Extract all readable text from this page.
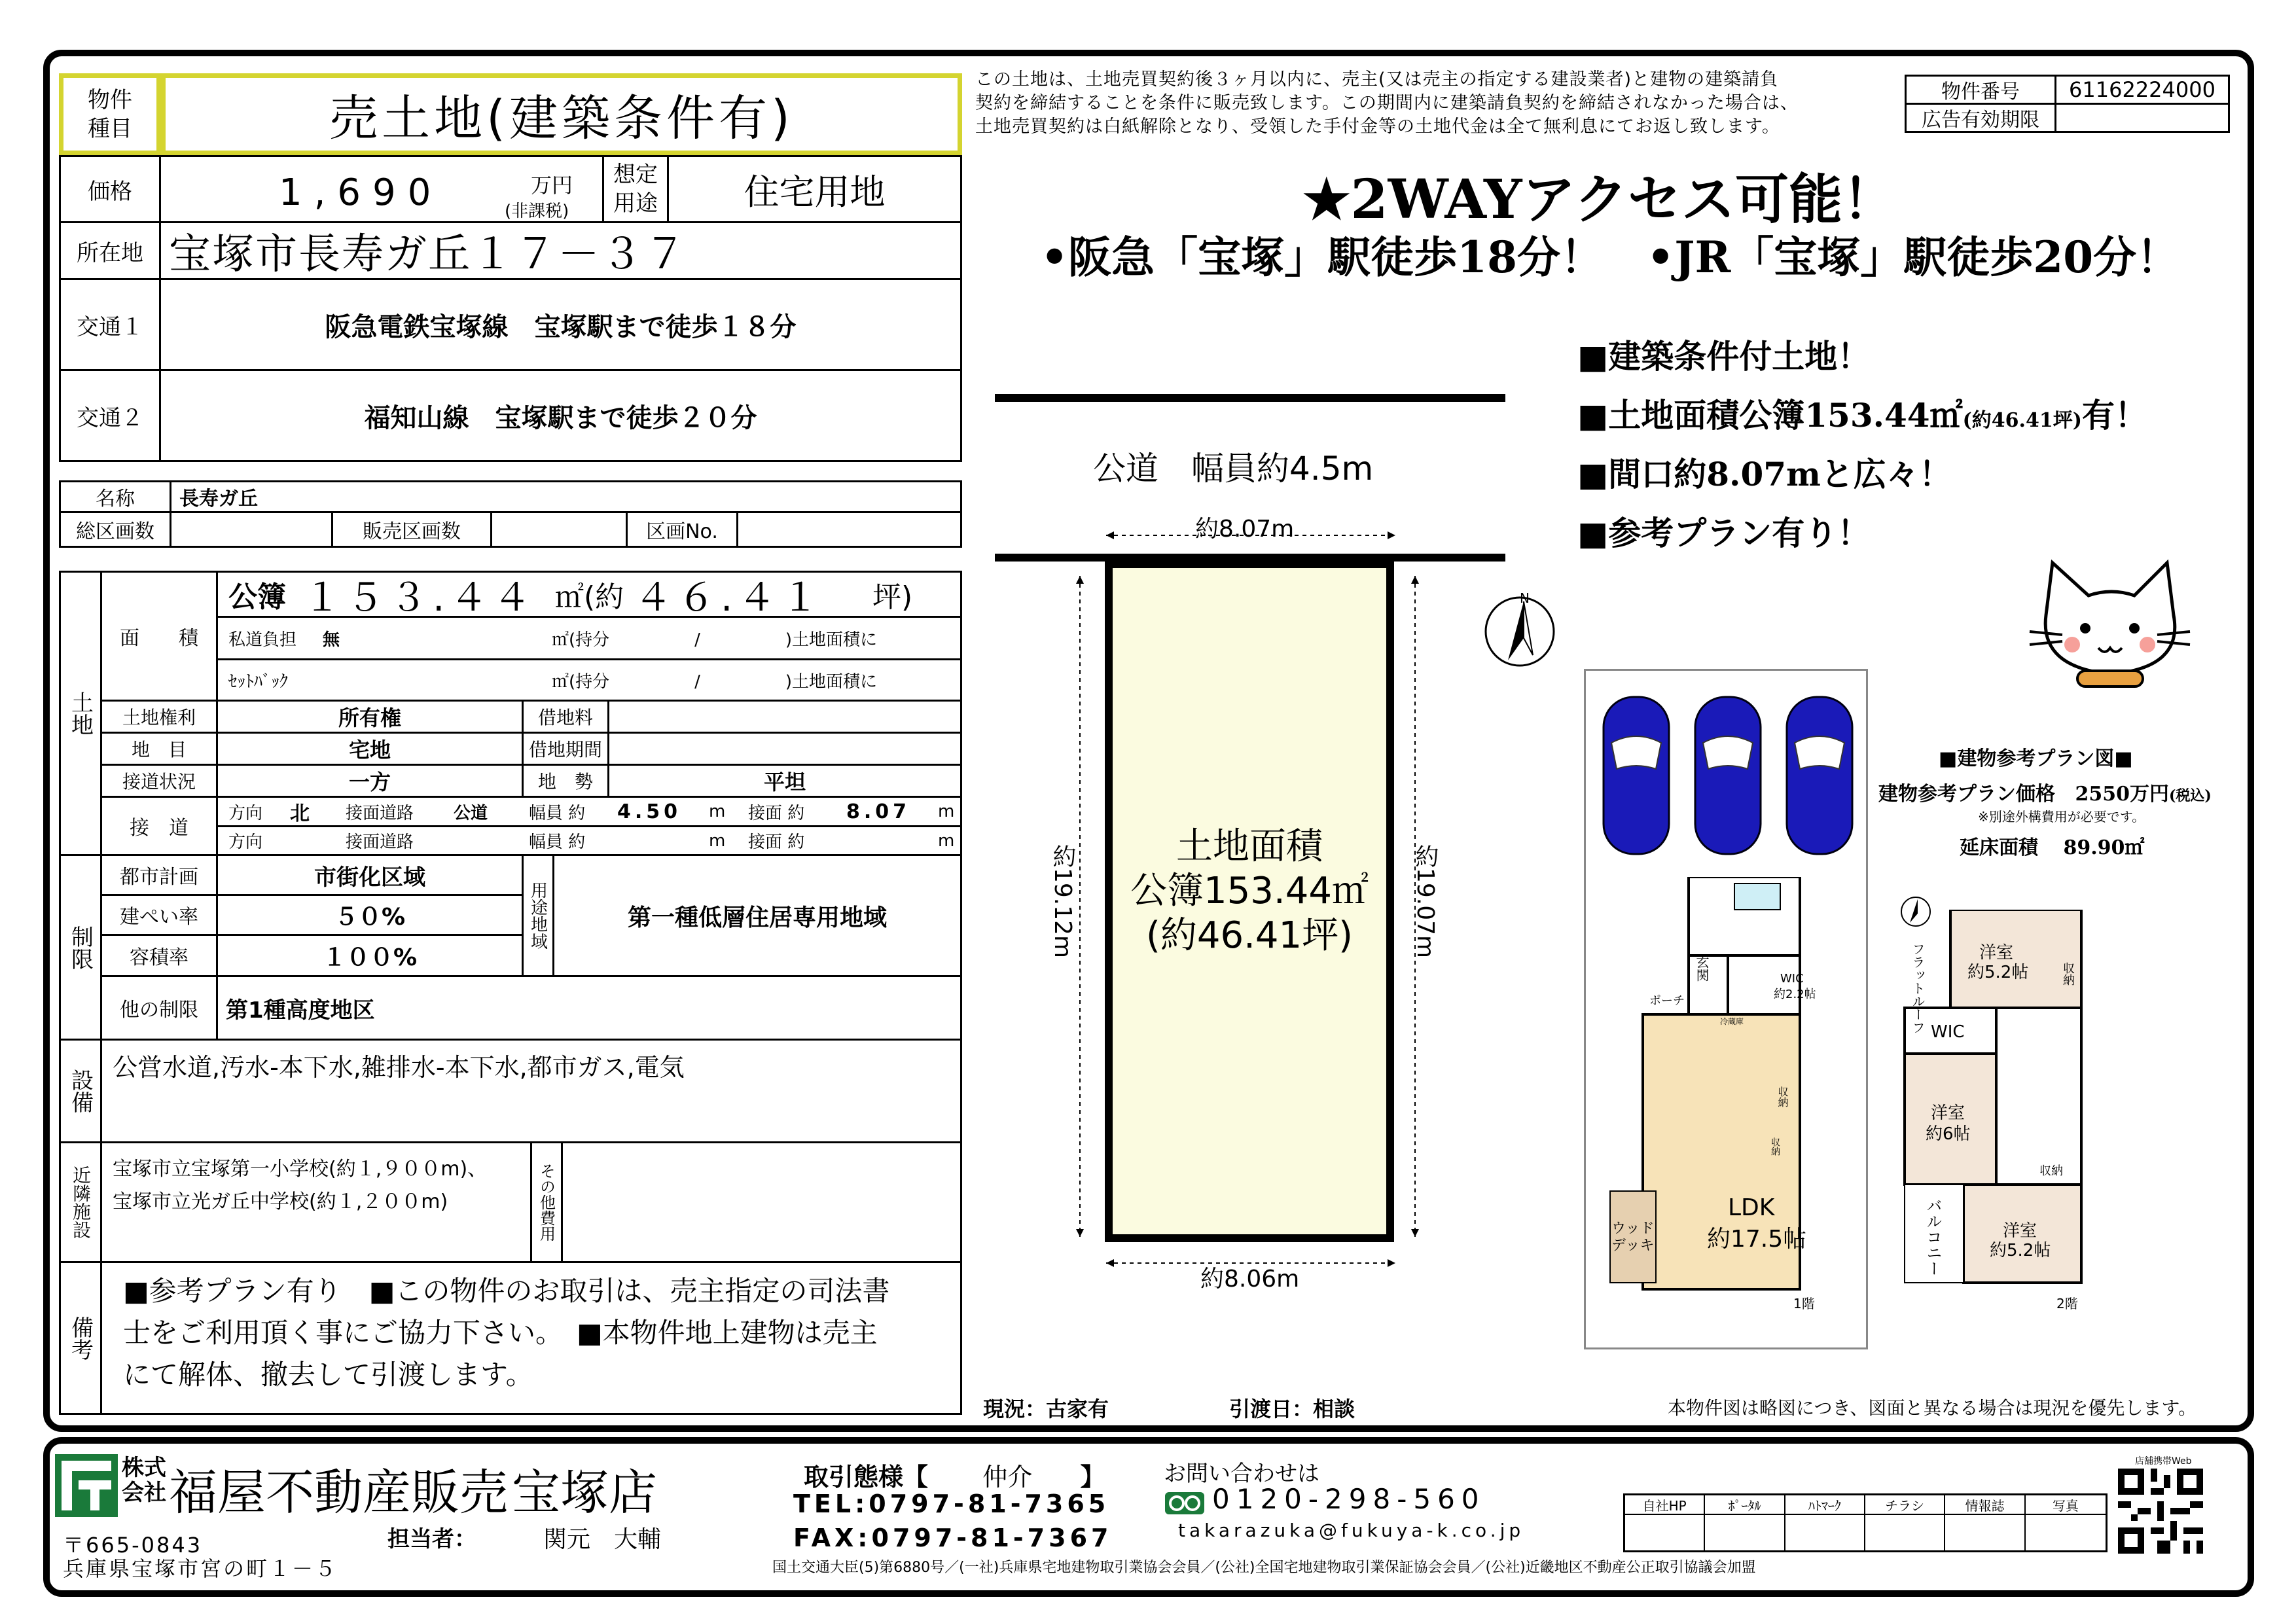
物件種目	売土地(建築条件有)
この土地は、土地売買契約後３ヶ月以内に、売主(又は売主の指定する建設業者)と建物の建築請負
契約を締結することを条件に販売致します。この期間内に建築請負契約を締結されなかった場合は、
土地売買契約は白紙解除となり、受領した手付金等の土地代金は全て無利息にてお返し致します。
物件番号 61162224000
広告有効期限
価格	1,690	万円
(非課税)
想定用途 住宅用地
所在地 宝塚市長寿ガ丘１７－３７
交通１	阪急電鉄宝塚線　宝塚駅まで徒歩１８分
交通２	福知山線　宝塚駅まで徒歩２０分
名称	長寿ガ丘
総区画数	販売区画数	区画No.
土地
面　　積
公簿 １５３.４４ ㎡(約 ４６.４１ 坪)
私道負担 無	㎡(持分　　　　　/　　　　　)土地面積に
ｾｯﾄﾊﾞｯｸ	㎡(持分　　　　　/　　　　　)土地面積に
土地権利	所有権	借地料
地　目	宅地	借地期間
接道状況	一方	地　勢	平坦
接　道
方向 北 接面道路 公道 幅員 約 4.50 m 接面 約 8.07 m
方向	接面道路	幅員 約	m 接面 約	m
制限
都市計画	市街化区域
建ぺい率	５０%
容積率	１００%
用途地域	第一種低層住居専用地域
他の制限	第1種高度地区
設備
公営水道,汚水-本下水,雑排水-本下水,都市ガス,電気
近隣施設	宝塚市立宝塚第一小学校(約１,９００m)、
宝塚市立光ガ丘中学校(約１,２００m)	その他費用
備考
■参考プラン有り　■この物件のお取引は、売主指定の司法書
士をご利用頂く事にご協力下さい。　■本物件地上建物は売主
にて解体、撤去して引渡します。
★2WAYアクセス可能！
•阪急「宝塚」駅徒歩18分！　•JR「宝塚」駅徒歩20分！
■建築条件付土地！
■土地面積公簿153.44㎡(約46.41坪)有！
■間口約8.07mと広々！
■参考プラン有り！
公道　幅員約4.5m
約8.07m
約8.06m
約19.12m	約19.07m
土地面積
公簿153.44㎡
(約46.41坪)
N
玄関
ポーチ
WIC
約2.2帖
収納
LDK
約17.5帖
ウッドデッキ
冷蔵庫
収納
1階
洋室
約5.2帖	収納
フラットルーフ WIC
洋室
約6帖
収納
バルコニー	洋室
約5.2帖
2階
■建物参考プラン図■
建物参考プラン価格 2550万円(税込)
※別途外構費用が必要です。
延床面積 89.90㎡
現況：古家有	引渡日：相談	本物件図は略図につき、図面と異なる場合は現況を優先します。
株式会社 福屋不動産販売宝塚店
〒665-0843
兵庫県宝塚市宮の町１－５
担当者：	関元　大輔
取引態様【 仲介 】	お問い合わせは
TEL:0797-81-7365
FAX:0797-81-7367
0120-298-560
takarazuka@fukuya-k.co.jp
国土交通大臣(5)第6880号／(一社)兵庫県宅地建物取引業協会会員／(公社)全国宅地建物取引業保証協会会員／(公社)近畿地区不動産公正取引協議会加盟
自社HP	ﾎﾟｰﾀﾙ	ﾊﾄﾏｰｸ	チラシ	情報誌	写真
店舗携帯Web
